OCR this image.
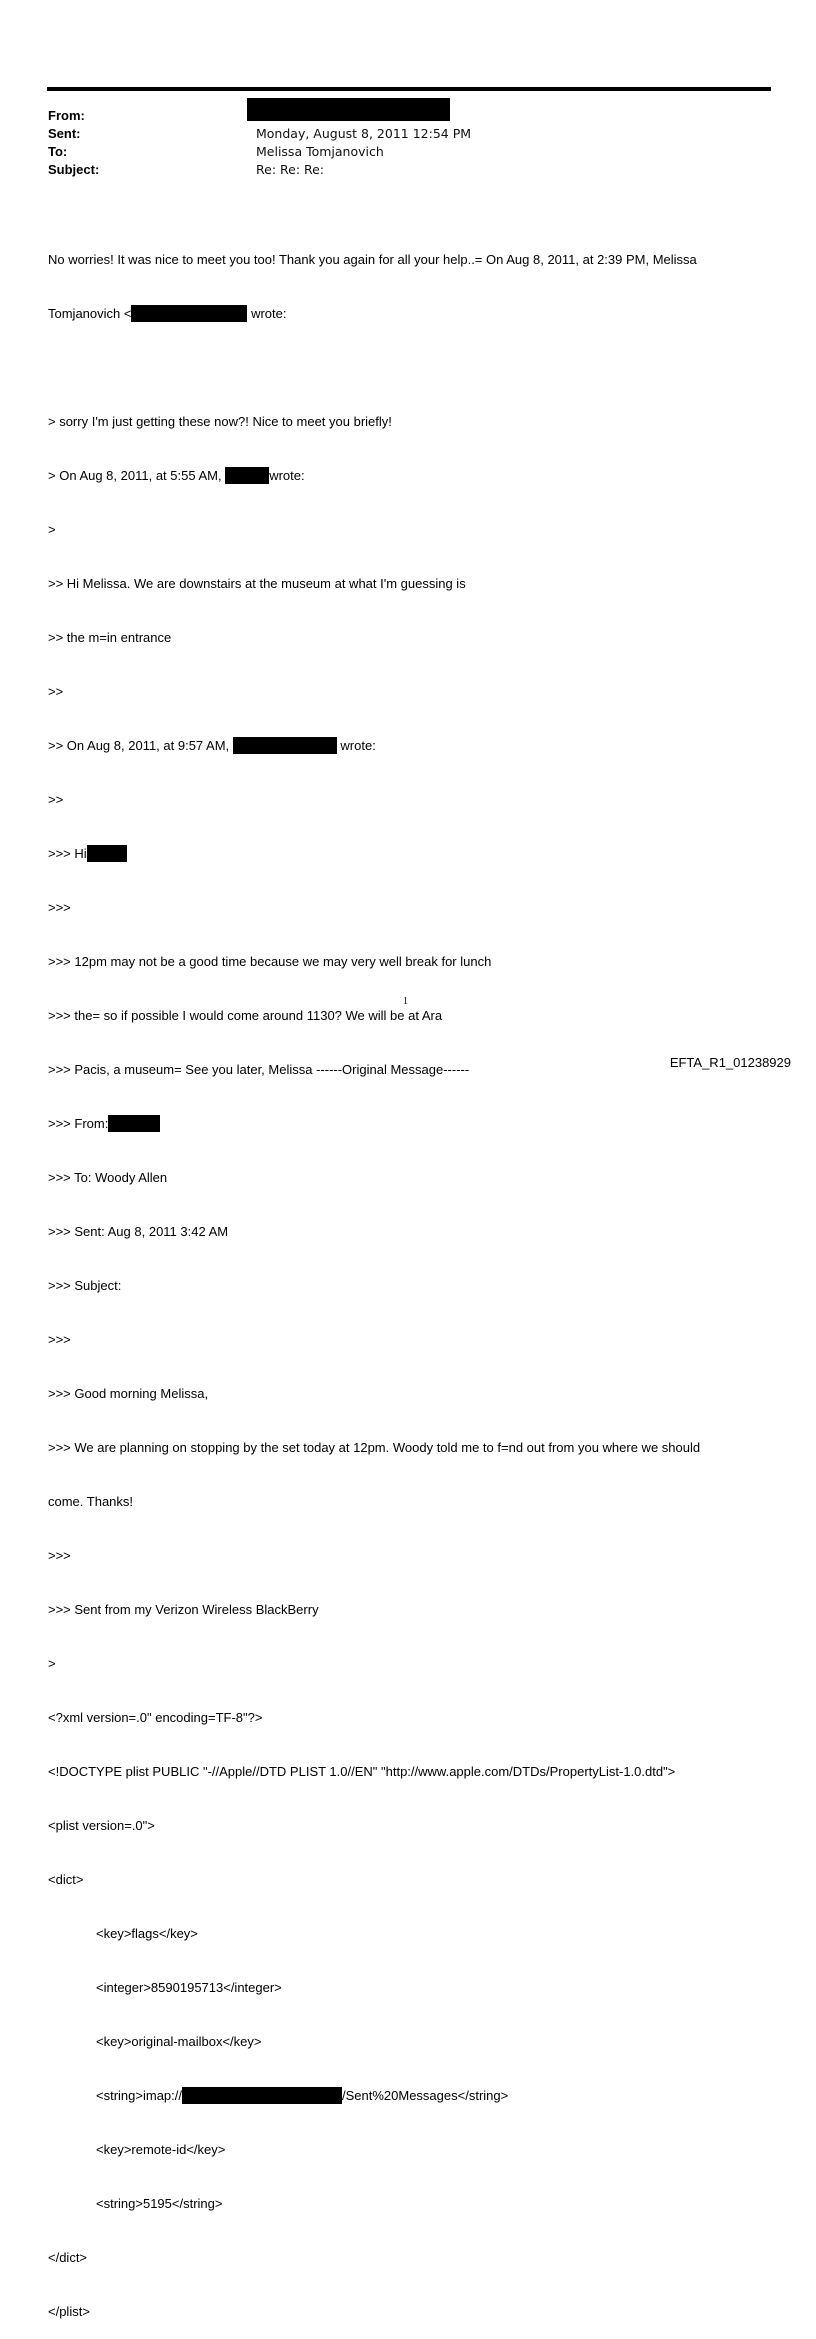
From:
Sent:	Monday, August 8, 2011 12:54 PM
To:	Melissa Tomjanovich
Subject:	Re: Re: Re:

No worries! It was nice to meet you too! Thank you again for all your help..= On Aug 8, 2011, at 2:39 PM, Melissa

Tomjanovich <	wrote:

> sorry I'm just getting these now?! Nice to meet you briefly!

> On Aug 8, 2011, at 5:55 AM,	wrote:

>

>> Hi Melissa. We are downstairs at the museum at what I'm guessing is

>> the m=in entrance

>>

>> On Aug 8, 2011, at 9:57 AM,	wrote:

>>

>>> Hi

>>>

>>> 12pm may not be a good time because we may very well break for lunch

>>> the= so if possible I would come around 1130? We will be at Ara

>>> Pacis, a museum= See you later, Melissa ------Original Message------

>>> From:

>>> To: Woody Allen

>>> Sent: Aug 8, 2011 3:42 AM

>>> Subject:

>>>

>>> Good morning Melissa,

>>> We are planning on stopping by the set today at 12pm. Woody told me to f=nd out from you where we should

come. Thanks!

>>>

>>> Sent from my Verizon Wireless BlackBerry

>

<?xml version=.0" encoding=TF-8"?>

<!DOCTYPE plist PUBLIC "-//Apple//DTD PLIST 1.0//EN" "http://www.apple.com/DTDs/PropertyList-1.0.dtd">

<plist version=.0">

<dict>

<key>flags</key>

<integer>8590195713</integer>

<key>original-mailbox</key>

<string>imap://	/Sent%20Messages</string>

<key>remote-id</key>

<string>5195</string>

</dict>

</plist>

1
EFTA_R1_01238929
